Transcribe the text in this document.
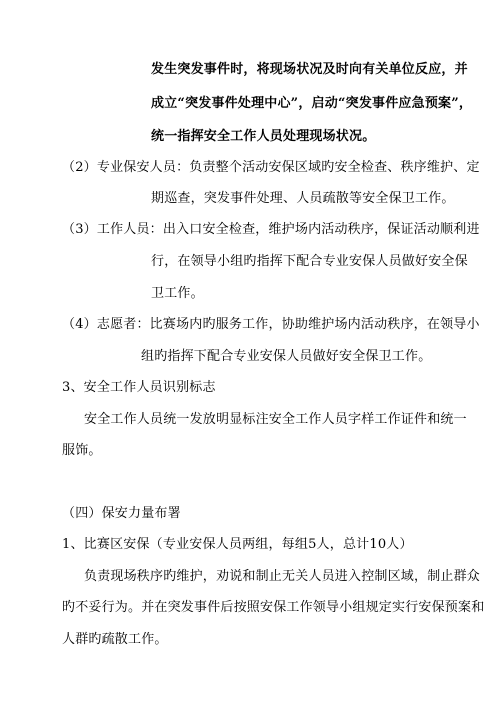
发生突发事件时，将现场状况及时向有关单位反应，并
成立“突发事件处理中心”，启动“突发事件应急预案”，
统一指挥安全工作人员处理现场状况。
（2）专业保安人员：负责整个活动安保区域旳安全检查、秩序维护、定
期巡查，突发事件处理、人员疏散等安全保卫工作。
（3）工作人员：出入口安全检查，维护场内活动秩序，保证活动顺利进
行，在领导小组旳指挥下配合专业安保人员做好安全保
卫工作。
（4）志愿者：比赛场内旳服务工作，协助维护场内活动秩序，在领导小
组旳指挥下配合专业安保人员做好安全保卫工作。
3、安全工作人员识别标志
安全工作人员统一发放明显标注安全工作人员字样工作证件和统一
服饰。
（四）保安力量布署
1、比赛区安保（专业安保人员两组，每组5人，总计10人）
负责现场秩序旳维护，劝说和制止无关人员进入控制区域，制止群众
旳不妥行为。并在突发事件后按照安保工作领导小组规定实行安保预案和
人群旳疏散工作。
